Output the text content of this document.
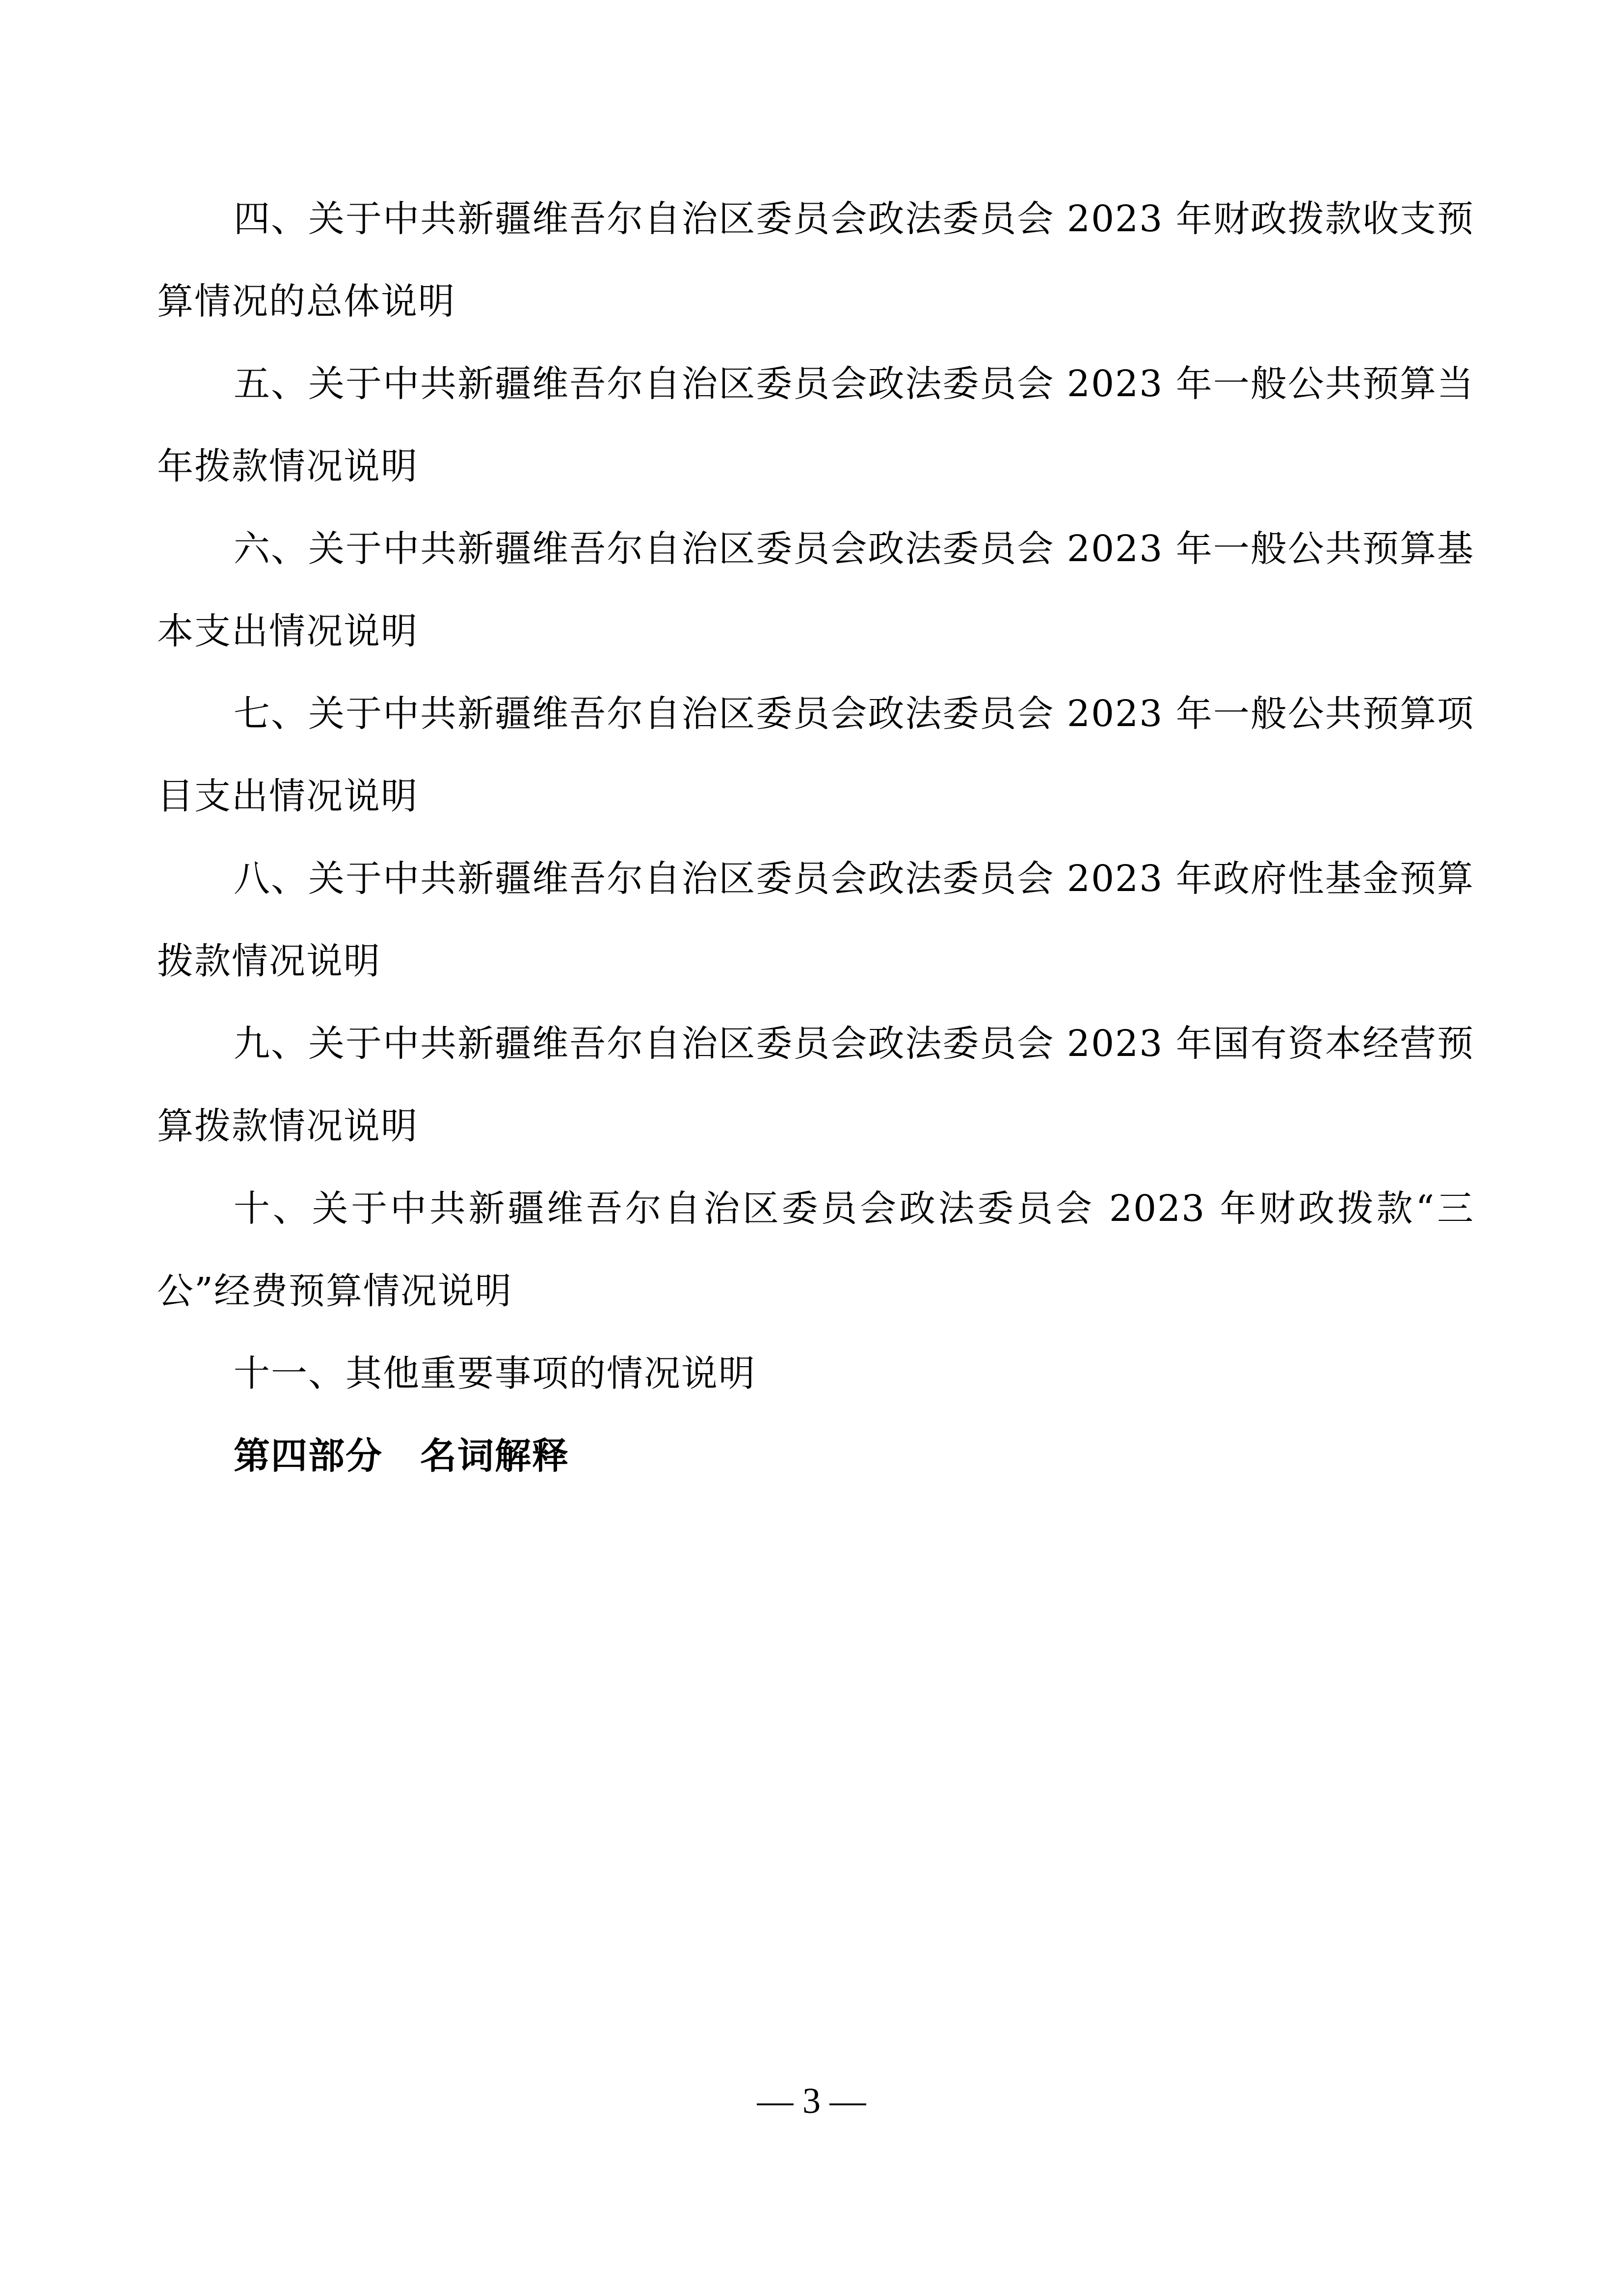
四、关于中共新疆维吾尔自治区委员会政法委员会 2023 年财政拨款收支预算情况的总体说明

五、关于中共新疆维吾尔自治区委员会政法委员会 2023 年一般公共预算当年拨款情况说明

六、关于中共新疆维吾尔自治区委员会政法委员会 2023 年一般公共预算基本支出情况说明

七、关于中共新疆维吾尔自治区委员会政法委员会 2023 年一般公共预算项目支出情况说明

八、关于中共新疆维吾尔自治区委员会政法委员会 2023 年政府性基金预算拨款情况说明

九、关于中共新疆维吾尔自治区委员会政法委员会 2023 年国有资本经营预算拨款情况说明

十、关于中共新疆维吾尔自治区委员会政法委员会 2023 年财政拨款“三公”经费预算情况说明

十一、其他重要事项的情况说明

第四部分　名词解释

— 3 —
